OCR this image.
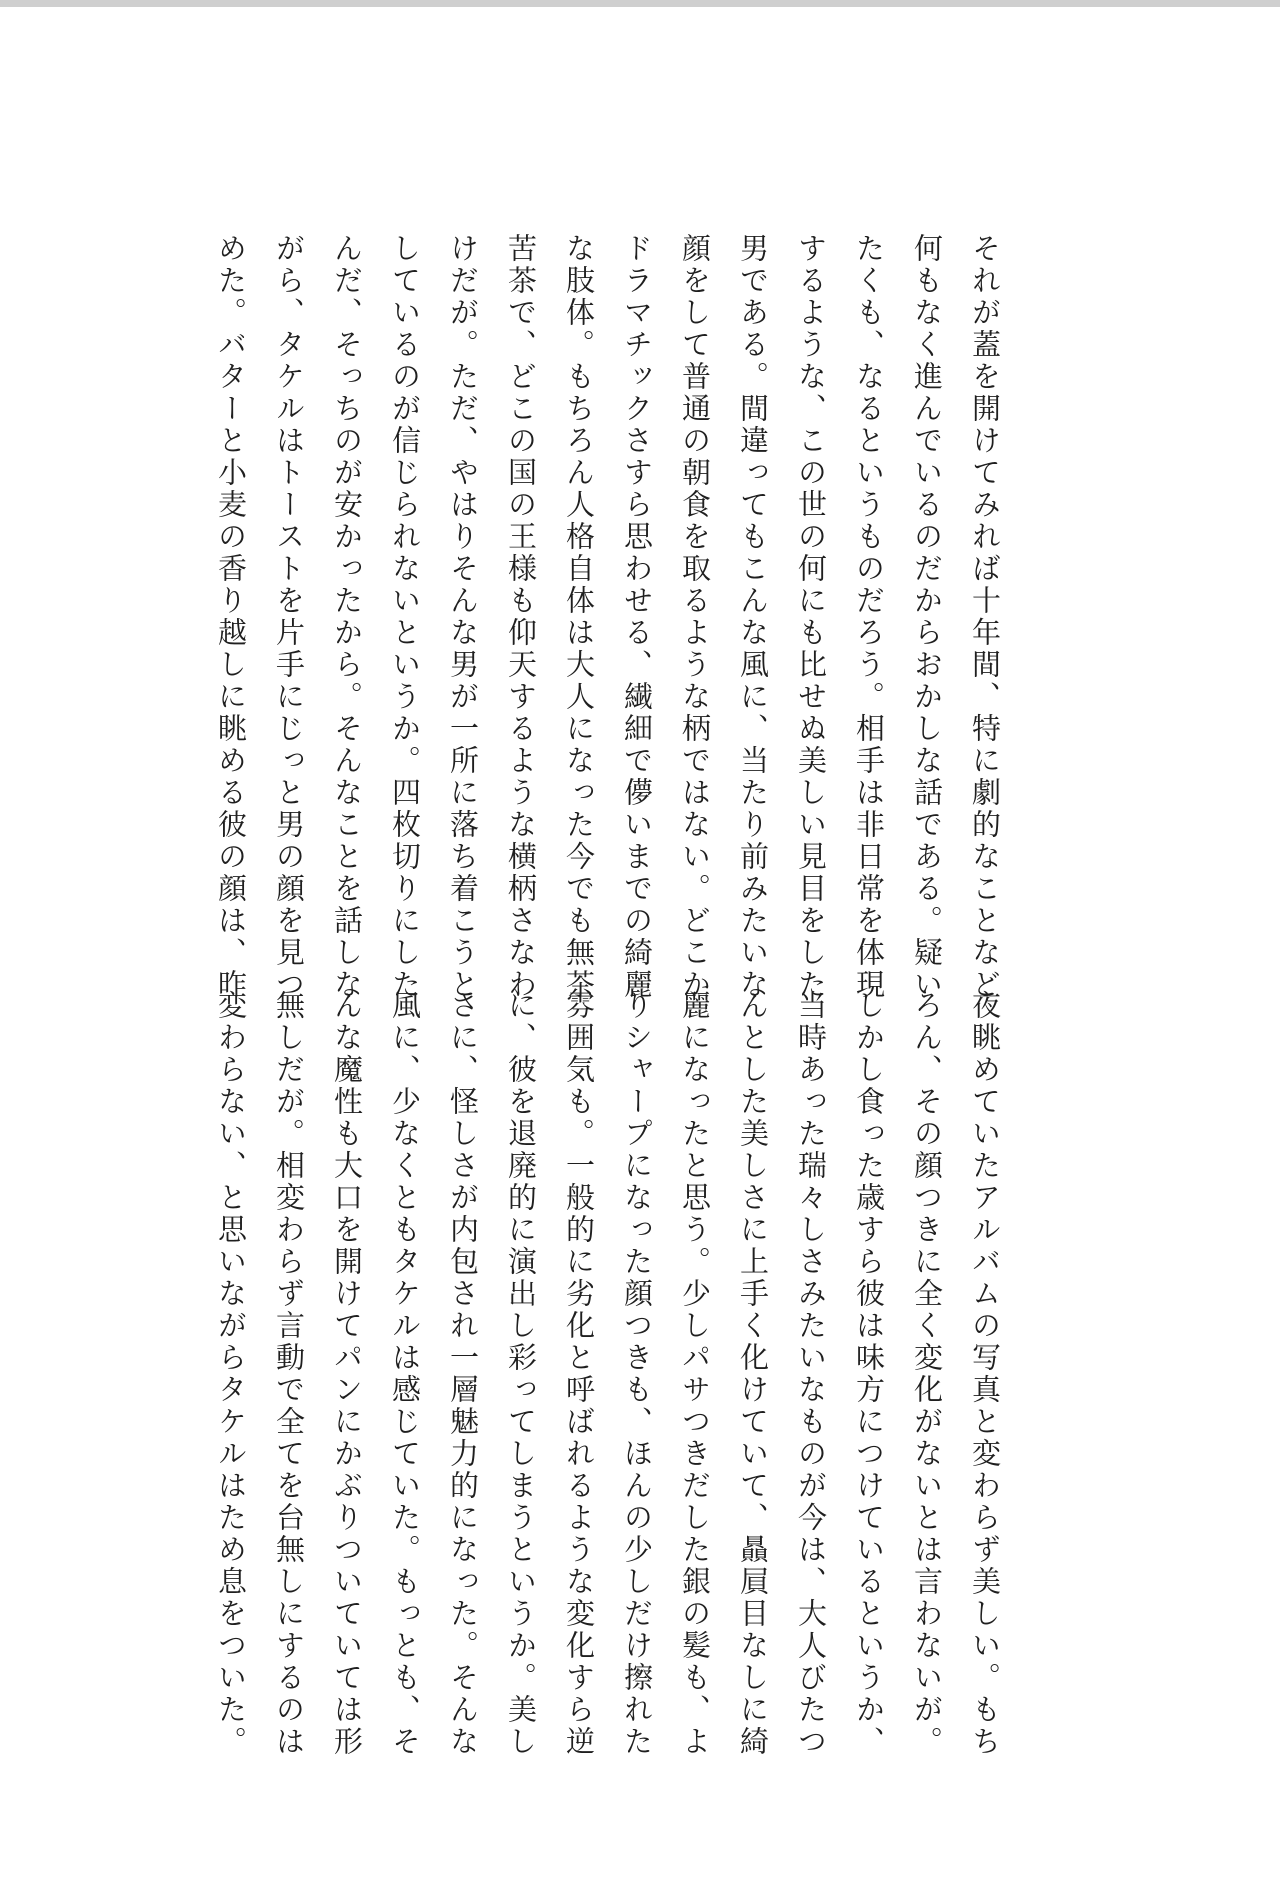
それが蓋を開けてみれば十年間、特に劇的なことなど
何もなく進んでいるのだからおかしな話である。疑い
たくも、なるというものだろう。相手は非日常を体現
するような、この世の何にも比せぬ美しい見目をした
男である。間違ってもこんな風に、当たり前みたいな
顔をして普通の朝食を取るような柄ではない。どこか
ドラマチックさすら思わせる、繊細で儚いまでの綺麗
な肢体。もちろん人格自体は大人になった今でも無茶
苦茶で、どこの国の王様も仰天するような横柄さなわ
けだが。ただ、やはりそんな男が一所に落ち着こうと
しているのが信じられないというか。四枚切りにした
んだ、そっちのが安かったから。そんなことを話しな
がら、タケルはトーストを片手にじっと男の顔を見つ
めた。バターと小麦の香り越しに眺める彼の顔は、昨
夜眺めていたアルバムの写真と変わらず美しい。もち
ろん、その顔つきに全く変化がないとは言わないが。
しかし食った歳すら彼は味方につけているというか、
当時あった瑞々しさみたいなものが今は、大人びたつ
んとした美しさに上手く化けていて、贔屓目なしに綺
麗になったと思う。少しパサつきだした銀の髪も、よ
りシャープになった顔つきも、ほんの少しだけ擦れた
雰囲気も。一般的に劣化と呼ばれるような変化すら逆
に、彼を退廃的に演出し彩ってしまうというか。美し
さに、怪しさが内包され一層魅力的になった。そんな
風に、少なくともタケルは感じていた。もっとも、そ
んな魔性も大口を開けてパンにかぶりついていては形
無しだが。相変わらず言動で全てを台無しにするのは
変わらない、と思いながらタケルはため息をついた。
